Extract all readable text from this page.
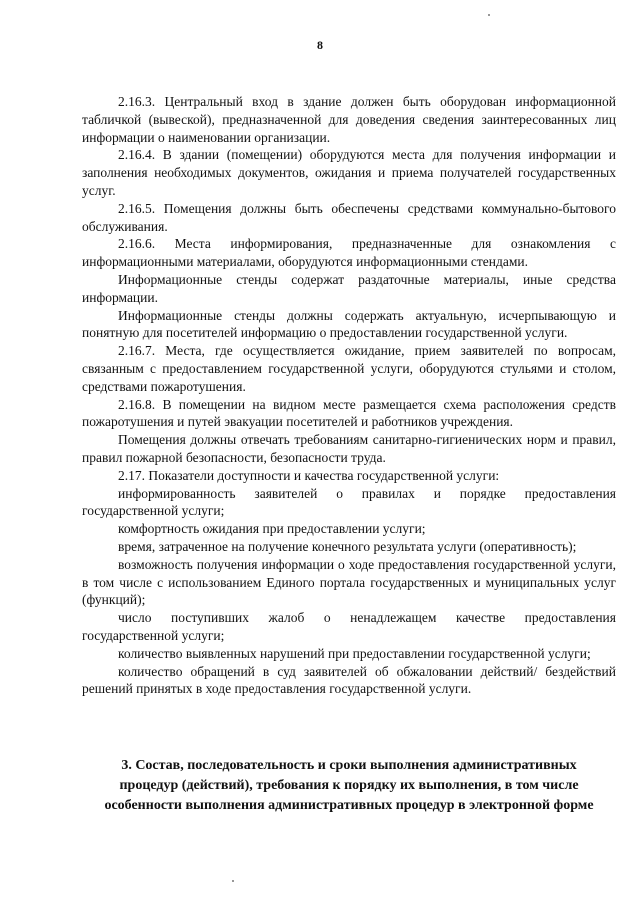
8

2.16.3. Центральный вход в здание должен быть оборудован информационной табличкой (вывеской), предназначенной для доведения сведения заинтересованных лиц информации о наименовании организации.

2.16.4. В здании (помещении) оборудуются места для получения информации и заполнения необходимых документов, ожидания и приема получателей государственных услуг.

2.16.5. Помещения должны быть обеспечены средствами коммунально-бытового обслуживания.

2.16.6. Места информирования, предназначенные для ознакомления с информационными материалами, оборудуются информационными стендами.

Информационные стенды содержат раздаточные материалы, иные средства информации.

Информационные стенды должны содержать актуальную, исчерпывающую и понятную для посетителей информацию о предоставлении государственной услуги.

2.16.7. Места, где осуществляется ожидание, прием заявителей по вопросам, связанным с предоставлением государственной услуги, оборудуются стульями и столом, средствами пожаротушения.

2.16.8. В помещении на видном месте размещается схема расположения средств пожаротушения и путей эвакуации посетителей и работников учреждения.

Помещения должны отвечать требованиям санитарно-гигиенических норм и правил, правил пожарной безопасности, безопасности труда.

2.17. Показатели доступности и качества государственной услуги:

информированность заявителей о правилах и порядке предоставления государственной услуги;

комфортность ожидания при предоставлении услуги;

время, затраченное на получение конечного результата услуги (оперативность);

возможность получения информации о ходе предоставления государственной услуги, в том числе с использованием Единого портала государственных и муниципальных услуг (функций);

число поступивших жалоб о ненадлежащем качестве предоставления государственной услуги;

количество выявленных нарушений при предоставлении государственной услуги;

количество обращений в суд заявителей об обжаловании действий/ бездействий решений принятых в ходе предоставления государственной услуги.

3. Состав, последовательность и сроки выполнения административных
процедур (действий), требования к порядку их выполнения, в том числе
особенности выполнения административных процедур в электронной форме
